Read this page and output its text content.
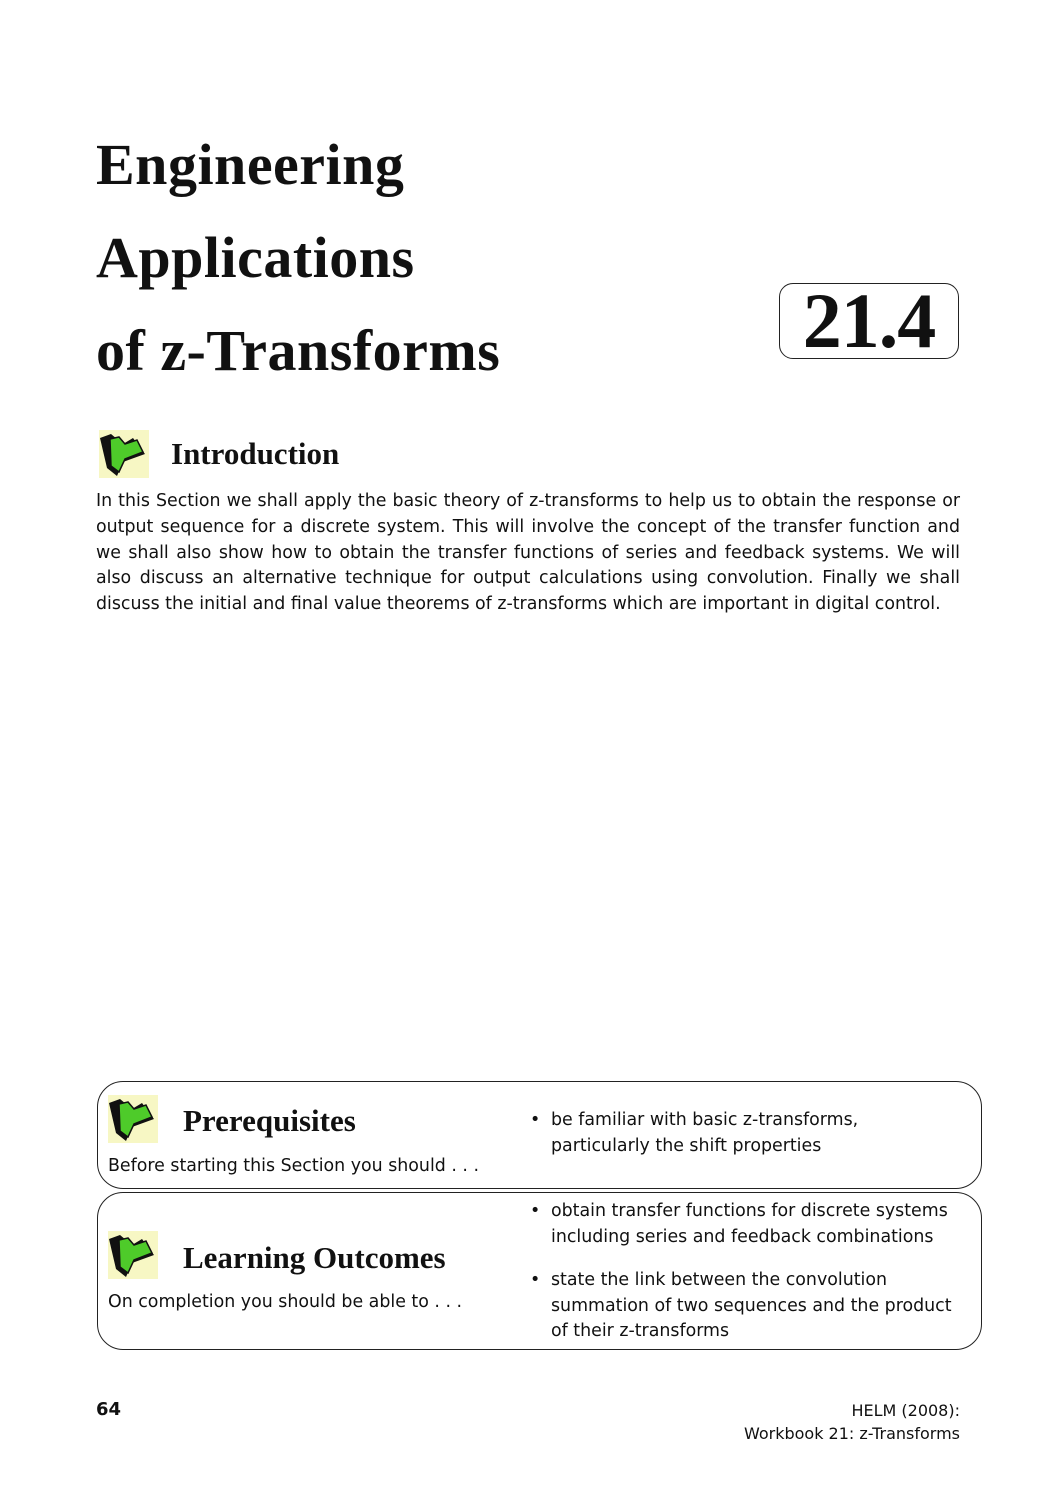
Engineering
Applications
of z-Transforms	21.4
Introduction
In this Section we shall apply the basic theory of z-transforms to help us to obtain the response or output sequence for a discrete system. This will involve the concept of the transfer function and we shall also show how to obtain the transfer functions of series and feedback systems. We will also discuss an alternative technique for output calculations using convolution. Finally we shall discuss the initial and final value theorems of z-transforms which are important in digital control.
Prerequisites
Before starting this Section you should . . .
• be familiar with basic z-transforms, particularly the shift properties
Learning Outcomes
On completion you should be able to . . .
• obtain transfer functions for discrete systems including series and feedback combinations
• state the link between the convolution summation of two sequences and the product of their z-transforms
64	HELM (2008):
Workbook 21: z-Transforms
